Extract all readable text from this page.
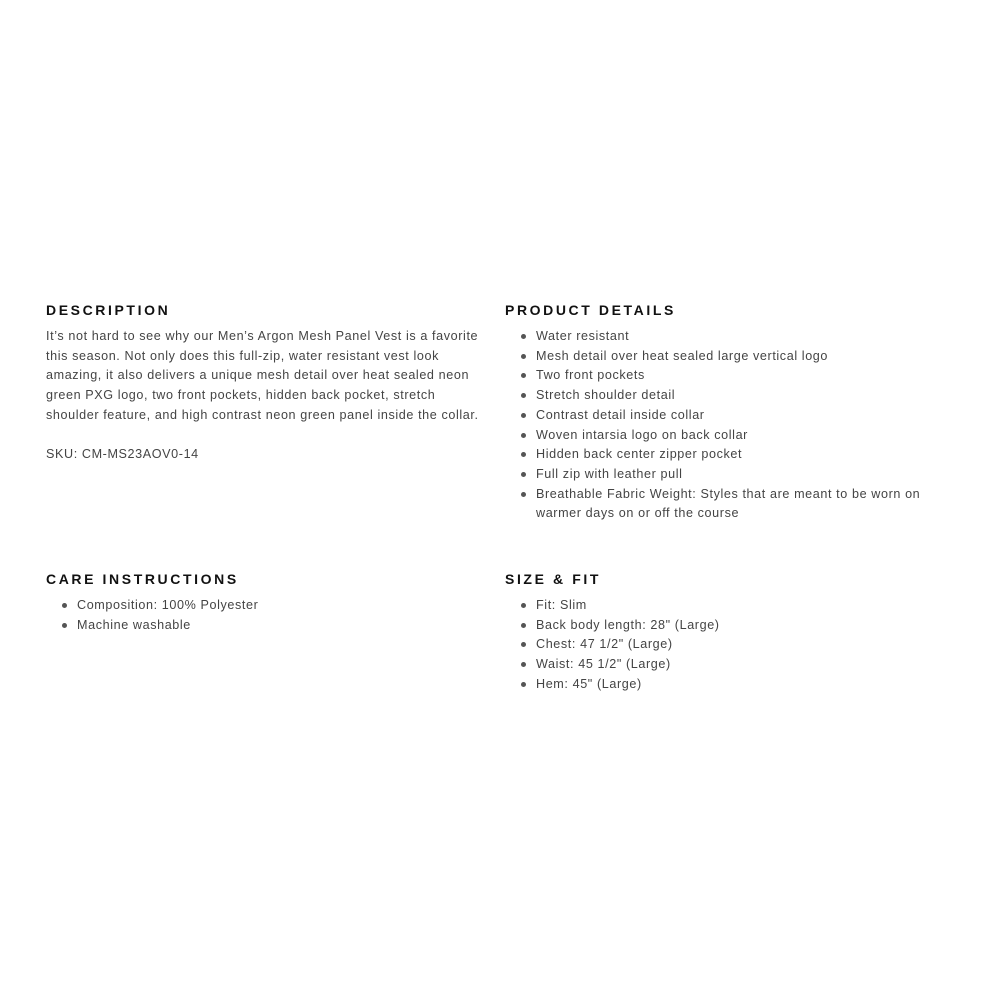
DESCRIPTION

It’s not hard to see why our Men’s Argon Mesh Panel Vest is a favorite this season. Not only does this full-zip, water resistant vest look amazing, it also delivers a unique mesh detail over heat sealed neon green PXG logo, two front pockets, hidden back pocket, stretch shoulder feature, and high contrast neon green panel inside the collar.

SKU: CM-MS23AOV0-14

PRODUCT DETAILS
Water resistant
Mesh detail over heat sealed large vertical logo
Two front pockets
Stretch shoulder detail
Contrast detail inside collar
Woven intarsia logo on back collar
Hidden back center zipper pocket
Full zip with leather pull
Breathable Fabric Weight: Styles that are meant to be worn on warmer days on or off the course
CARE INSTRUCTIONS
Composition: 100% Polyester
Machine washable
SIZE & FIT
Fit: Slim
Back body length: 28" (Large)
Chest: 47 1/2" (Large)
Waist: 45 1/2" (Large)
Hem: 45" (Large)
